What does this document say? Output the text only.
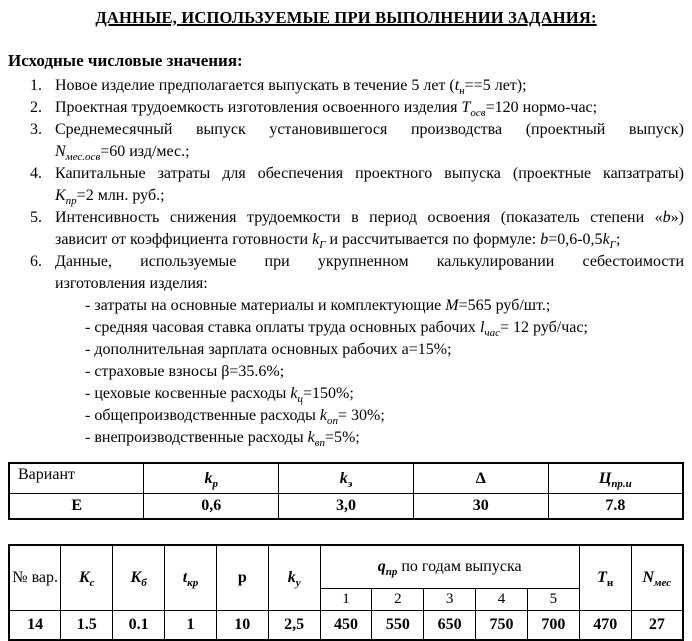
ДАННЫЕ, ИСПОЛЬЗУЕМЫЕ ПРИ ВЫПОЛНЕНИИ ЗАДАНИЯ:
Исходные числовые значения:
1. Новое изделие предполагается выпускать в течение 5 лет ($t_н==5$ лет);
2. Проектная трудоемкость изготовления освоенного изделия $T_{осв}=120$ нормо-час;
3. Среднемесячный выпуск установившегося производства (проектный выпуск)
$N_{мес.осв}=60$ изд/мес.;
4. Капитальные затраты для обеспечения проектного выпуска (проектные капзатраты)
$K_{пр}=2$ млн. руб.;
5. Интенсивность снижения трудоемкости в период освоения (показатель степени «b»)
зависит от коэффициента готовности $k_Г$ и рассчитывается по формуле: $b=0,6-0,5k_Г$;
6. Данные, используемые при укрупненном калькулировании себестоимости
изготовления изделия:
- затраты на основные материалы и комплектующие M=565 руб/шт.;
- средняя часовая ставка оплаты труда основных рабочих $l_{час}= 12$ руб/час;
- дополнительная зарплата основных рабочих а=15%;
- страховые взносы β=35.6%;
- цеховые косвенные расходы $k_ц=150\%$;
- общепроизводственные расходы $k_{оп}= 30\%$;
- внепроизводственные расходы $k_{вп}=5\%$;
Вариант	$k_р$	$k_э$	Δ	$Ц_{пр.и}$
Е	0,6	3,0	30	7.8
№ вар.	$K_с$	$K_б$	$t_{кр}$	p	$k_у$	$q_{пр}$ по годам выпуска					$T_н$	$N_{мес}$
						1	2	3	4	5		
14	1.5	0.1	1	10	2,5	450	550	650	750	700	470	27
